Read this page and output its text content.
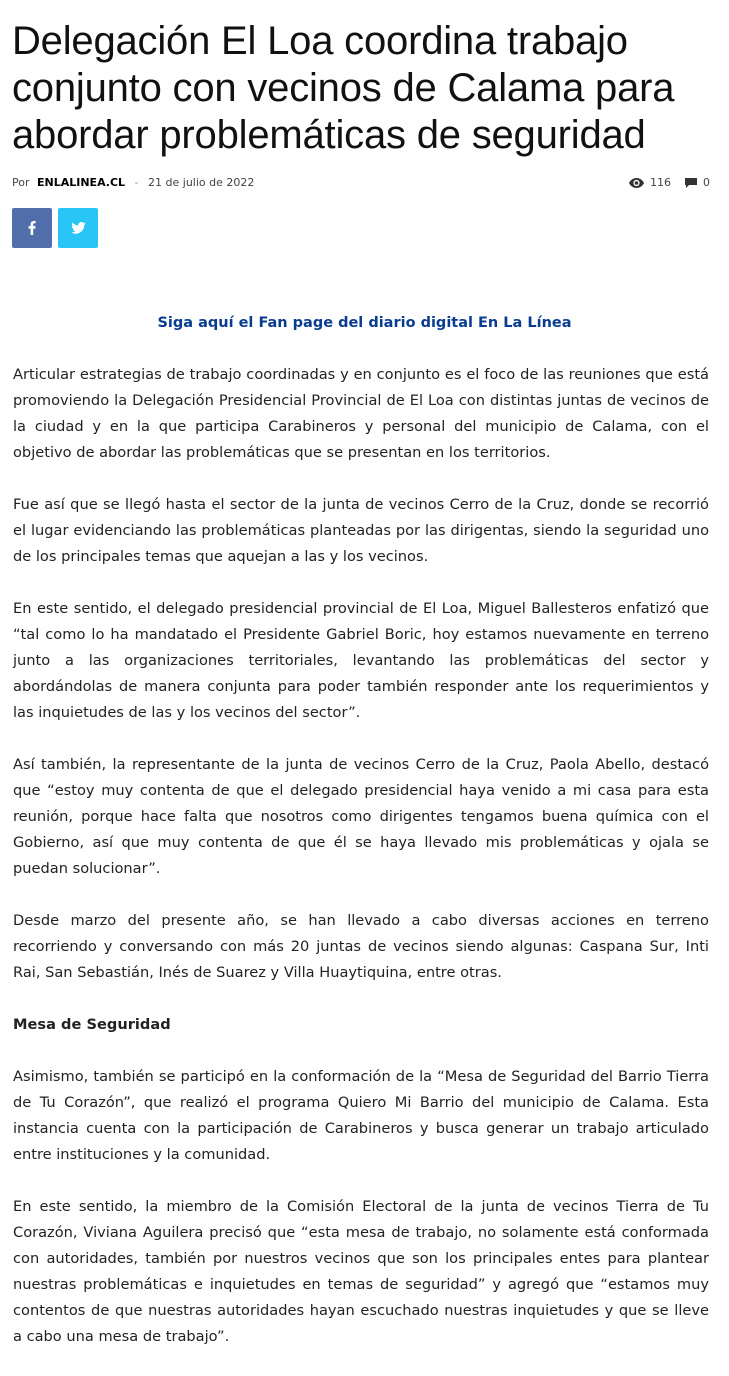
Delegación El Loa coordina trabajo conjunto con vecinos de Calama para abordar problemáticas de seguridad
Por ENLALINEA.CL - 21 de julio de 2022	116	0
Siga aquí el Fan page del diario digital En La Línea

Articular estrategias de trabajo coordinadas y en conjunto es el foco de las reuniones que está promoviendo la Delegación Presidencial Provincial de El Loa con distintas juntas de vecinos de la ciudad y en la que participa Carabineros y personal del municipio de Calama, con el objetivo de abordar las problemáticas que se presentan en los territorios.

Fue así que se llegó hasta el sector de la junta de vecinos Cerro de la Cruz, donde se recorrió el lugar evidenciando las problemáticas planteadas por las dirigentas, siendo la seguridad uno de los principales temas que aquejan a las y los vecinos.

En este sentido, el delegado presidencial provincial de El Loa, Miguel Ballesteros enfatizó que “tal como lo ha mandatado el Presidente Gabriel Boric, hoy estamos nuevamente en terreno junto a las organizaciones territoriales, levantando las problemáticas del sector y abordándolas de manera conjunta para poder también responder ante los requerimientos y las inquietudes de las y los vecinos del sector”.

Así también, la representante de la junta de vecinos Cerro de la Cruz, Paola Abello, destacó que “estoy muy contenta de que el delegado presidencial haya venido a mi casa para esta reunión, porque hace falta que nosotros como dirigentes tengamos buena química con el Gobierno, así que muy contenta de que él se haya llevado mis problemáticas y ojala se puedan solucionar”.

Desde marzo del presente año, se han llevado a cabo diversas acciones en terreno recorriendo y conversando con más 20 juntas de vecinos siendo algunas: Caspana Sur, Inti Rai, San Sebastián, Inés de Suarez y Villa Huaytiquina, entre otras.

Mesa de Seguridad

Asimismo, también se participó en la conformación de la “Mesa de Seguridad del Barrio Tierra de Tu Corazón”, que realizó el programa Quiero Mi Barrio del municipio de Calama. Esta instancia cuenta con la participación de Carabineros y busca generar un trabajo articulado entre instituciones y la comunidad.

En este sentido, la miembro de la Comisión Electoral de la junta de vecinos Tierra de Tu Corazón, Viviana Aguilera precisó que “esta mesa de trabajo, no solamente está conformada con autoridades, también por nuestros vecinos que son los principales entes para plantear nuestras problemáticas e inquietudes en temas de seguridad” y agregó que “estamos muy contentos de que nuestras autoridades hayan escuchado nuestras inquietudes y que se lleve a cabo una mesa de trabajo”.
